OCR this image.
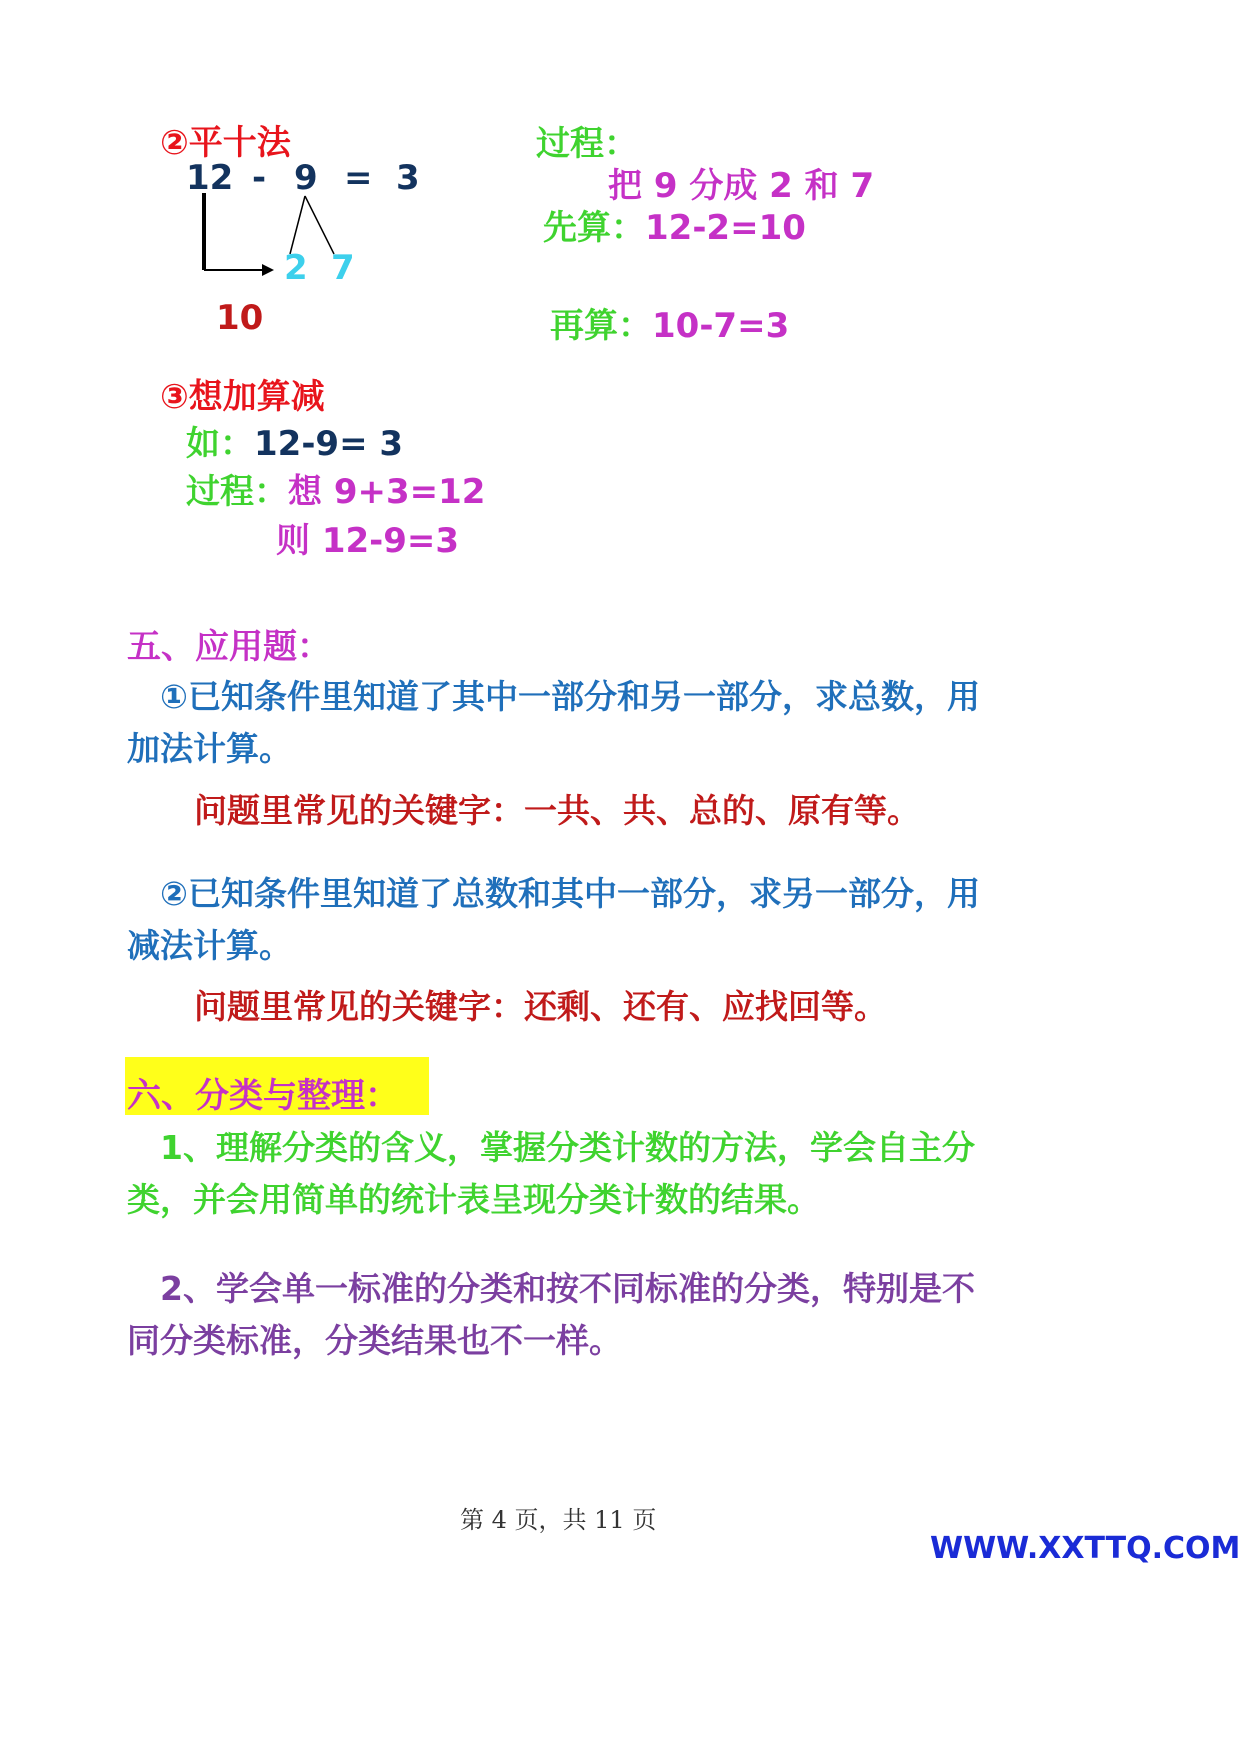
②平十法
12 - 9 = 3
2 7
10
过程：
把 9 分成 2 和 7
先算：12-2=10
再算：10-7=3
③想加算减
如：12-9= 3
过程：想 9+3=12
则 12-9=3
五、应用题：
①已知条件里知道了其中一部分和另一部分，求总数，用
加法计算。
问题里常见的关键字：一共、共、总的、原有等。
②已知条件里知道了总数和其中一部分，求另一部分，用
减法计算。
问题里常见的关键字：还剩、还有、应找回等。
六、分类与整理：
1、理解分类的含义，掌握分类计数的方法，学会自主分
类，并会用简单的统计表呈现分类计数的结果。
2、学会单一标准的分类和按不同标准的分类，特别是不
同分类标准，分类结果也不一样。
第 4 页，共 11 页
WWW.XXTTQ.COM
